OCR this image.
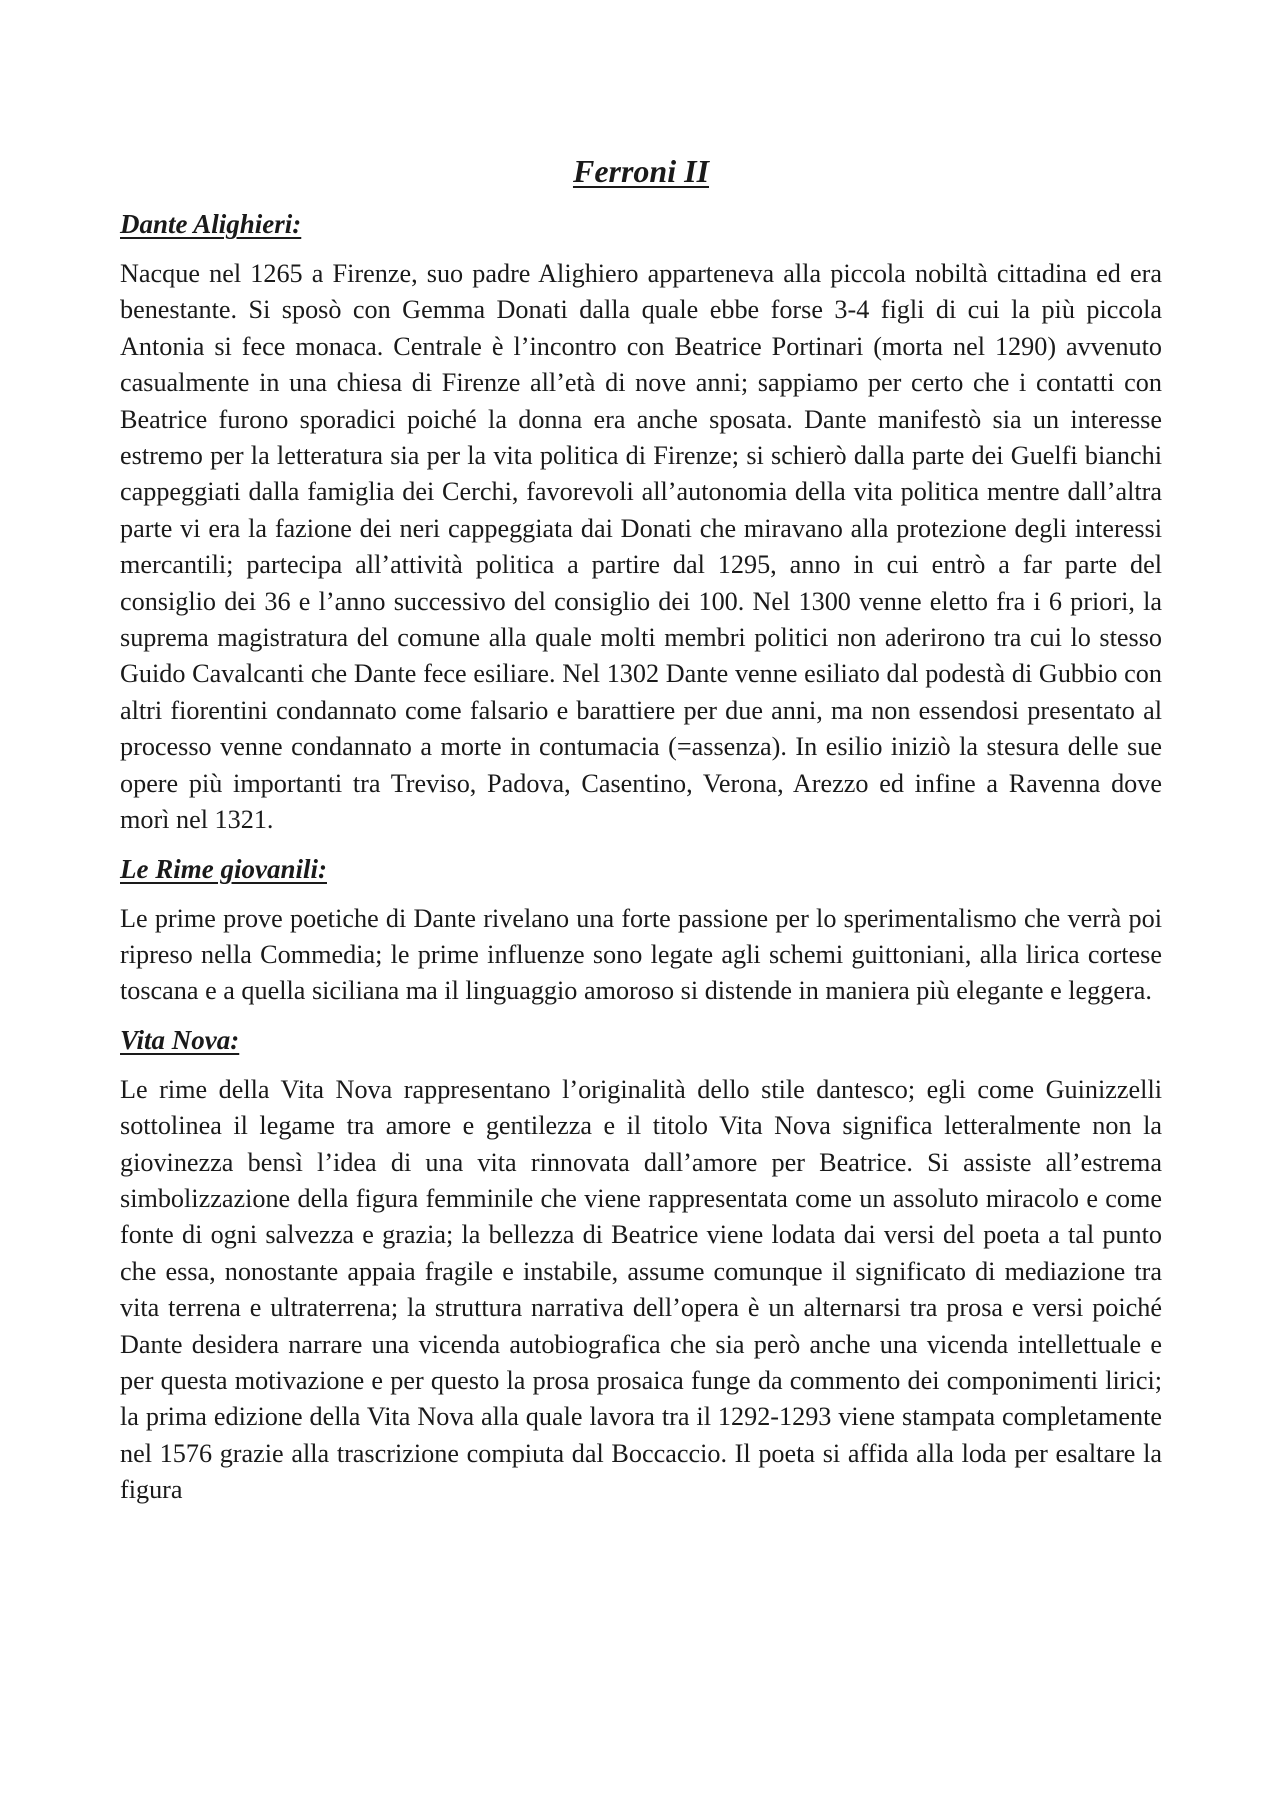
Ferroni II
Dante Alighieri:

Nacque nel 1265 a Firenze, suo padre Alighiero apparteneva alla piccola nobiltà cittadina ed era benestante. Si sposò con Gemma Donati dalla quale ebbe forse 3-4 figli di cui la più piccola Antonia si fece monaca. Centrale è l’incontro con Beatrice Portinari (morta nel 1290) avvenuto casualmente in una chiesa di Firenze all’età di nove anni; sappiamo per certo che i contatti con Beatrice furono sporadici poiché la donna era anche sposata. Dante manifestò sia un interesse estremo per la letteratura sia per la vita politica di Firenze; si schierò dalla parte dei Guelfi bianchi cappeggiati dalla famiglia dei Cerchi, favorevoli all’autonomia della vita politica mentre dall’altra parte vi era la fazione dei neri cappeggiata dai Donati che miravano alla protezione degli interessi mercantili; partecipa all’attività politica a partire dal 1295, anno in cui entrò a far parte del consiglio dei 36 e l’anno successivo del consiglio dei 100. Nel 1300 venne eletto fra i 6 priori, la suprema magistratura del comune alla quale molti membri politici non aderirono tra cui lo stesso Guido Cavalcanti che Dante fece esiliare. Nel 1302 Dante venne esiliato dal podestà di Gubbio con altri fiorentini condannato come falsario e barattiere per due anni, ma non essendosi presentato al processo venne condannato a morte in contumacia (=assenza). In esilio iniziò la stesura delle sue opere più importanti tra Treviso, Padova, Casentino, Verona, Arezzo ed infine a Ravenna dove morì nel 1321.

Le Rime giovanili:

Le prime prove poetiche di Dante rivelano una forte passione per lo sperimentalismo che verrà poi ripreso nella Commedia; le prime influenze sono legate agli schemi guittoniani, alla lirica cortese toscana e a quella siciliana ma il linguaggio amoroso si distende in maniera più elegante e leggera.

Vita Nova:

Le rime della Vita Nova rappresentano l’originalità dello stile dantesco; egli come Guinizzelli sottolinea il legame tra amore e gentilezza e il titolo Vita Nova significa letteralmente non la giovinezza bensì l’idea di una vita rinnovata dall’amore per Beatrice. Si assiste all’estrema simbolizzazione della figura femminile che viene rappresentata come un assoluto miracolo e come fonte di ogni salvezza e grazia; la bellezza di Beatrice viene lodata dai versi del poeta a tal punto che essa, nonostante appaia fragile e instabile, assume comunque il significato di mediazione tra vita terrena e ultraterrena; la struttura narrativa dell’opera è un alternarsi tra prosa e versi poiché Dante desidera narrare una vicenda autobiografica che sia però anche una vicenda intellettuale e per questa motivazione e per questo la prosa prosaica funge da commento dei componimenti lirici; la prima edizione della Vita Nova alla quale lavora tra il 1292-1293 viene stampata completamente nel 1576 grazie alla trascrizione compiuta dal Boccaccio. Il poeta si affida alla loda per esaltare la figura
